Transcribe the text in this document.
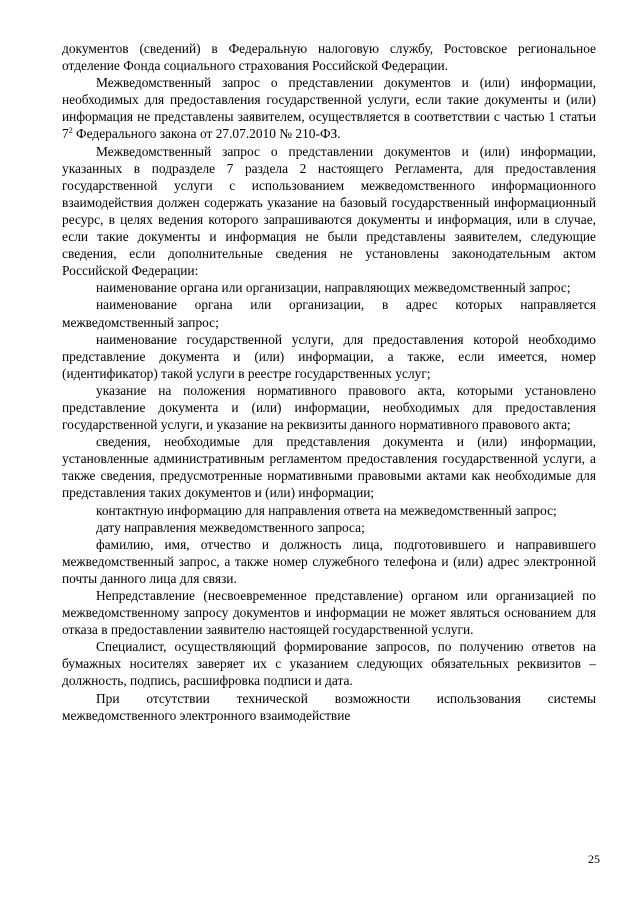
документов (сведений) в Федеральную налоговую службу, Ростовское региональное отделение Фонда социального страхования Российской Федерации.

Межведомственный запрос о представлении документов и (или) информации, необходимых для предоставления государственной услуги, если такие документы и (или) информация не представлены заявителем, осуществляется в соответствии с частью 1 статьи $7^2$ Федерального закона от 27.07.2010 № 210-ФЗ.

Межведомственный запрос о представлении документов и (или) информации, указанных в подразделе 7 раздела 2 настоящего Регламента, для предоставления государственной услуги с использованием межведомственного информационного взаимодействия должен содержать указание на базовый государственный информационный ресурс, в целях ведения которого запрашиваются документы и информация, или в случае, если такие документы и информация не были представлены заявителем, следующие сведения, если дополнительные сведения не установлены законодательным актом Российской Федерации:

наименование органа или организации, направляющих межведомственный запрос;

наименование органа или организации, в адрес которых направляется межведомственный запрос;

наименование государственной услуги, для предоставления которой необходимо представление документа и (или) информации, а также, если имеется, номер (идентификатор) такой услуги в реестре государственных услуг;

указание на положения нормативного правового акта, которыми установлено представление документа и (или) информации, необходимых для предоставления государственной услуги, и указание на реквизиты данного нормативного правового акта;

сведения, необходимые для представления документа и (или) информации, установленные административным регламентом предоставления государственной услуги, а также сведения, предусмотренные нормативными правовыми актами как необходимые для представления таких документов и (или) информации;

контактную информацию для направления ответа на межведомственный запрос;

дату направления межведомственного запроса;

фамилию, имя, отчество и должность лица, подготовившего и направившего межведомственный запрос, а также номер служебного телефона и (или) адрес электронной почты данного лица для связи.

Непредставление (несвоевременное представление) органом или организацией по межведомственному запросу документов и информации не может являться основанием для отказа в предоставлении заявителю настоящей государственной услуги.

Специалист, осуществляющий формирование запросов, по получению ответов на бумажных носителях заверяет их с указанием следующих обязательных реквизитов – должность, подпись, расшифровка подписи и дата.

При отсутствии технической возможности использования системы межведомственного электронного взаимодействие

25
